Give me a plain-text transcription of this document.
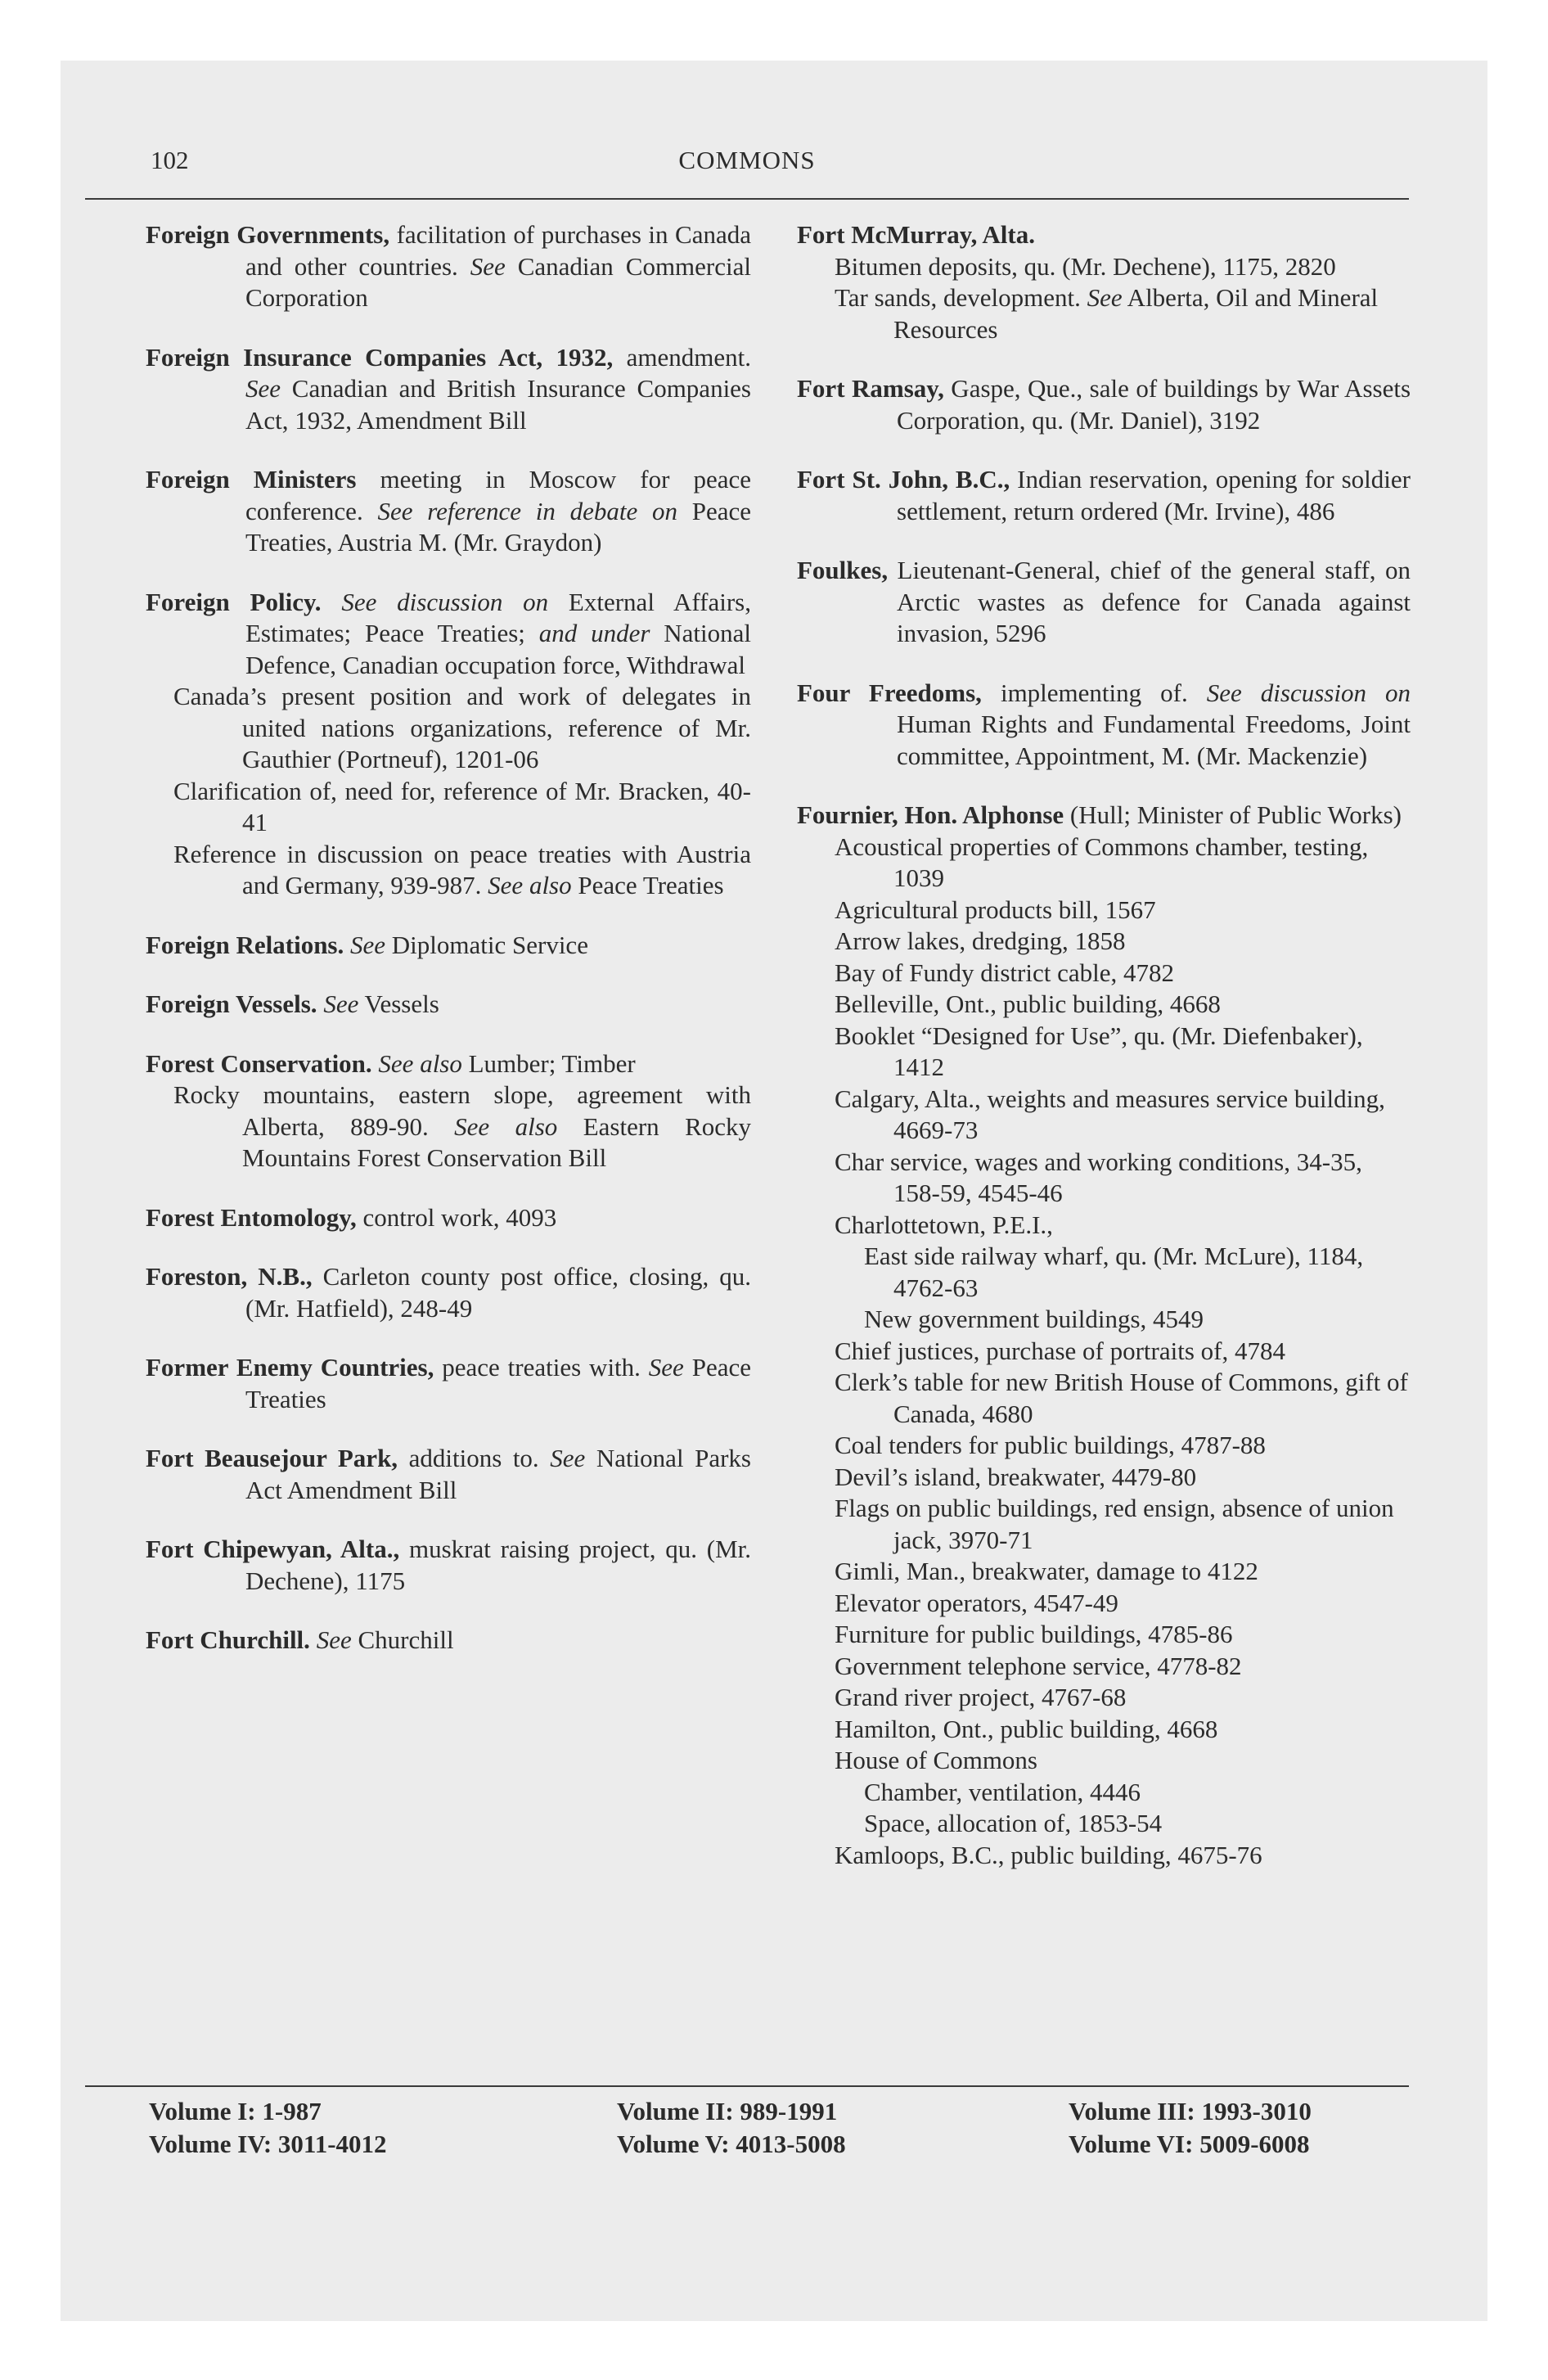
102	COMMONS
Foreign Governments, facilitation of purchases in Canada and other countries. See Canadian Commercial Corporation
Foreign Insurance Companies Act, 1932, amendment. See Canadian and British Insurance Companies Act, 1932, Amendment Bill
Foreign Ministers meeting in Moscow for peace conference. See reference in debate on Peace Treaties, Austria M. (Mr. Graydon)
Foreign Policy. See discussion on External Affairs, Estimates; Peace Treaties; and under National Defence, Canadian occupation force, Withdrawal
Canada’s present position and work of delegates in united nations organizations, reference of Mr. Gauthier (Portneuf), 1201-06
Clarification of, need for, reference of Mr. Bracken, 40-41
Reference in discussion on peace treaties with Austria and Germany, 939-987. See also Peace Treaties
Foreign Relations. See Diplomatic Service
Foreign Vessels. See Vessels
Forest Conservation. See also Lumber; Timber
Rocky mountains, eastern slope, agreement with Alberta, 889-90. See also Eastern Rocky Mountains Forest Conservation Bill
Forest Entomology, control work, 4093
Foreston, N.B., Carleton county post office, closing, qu. (Mr. Hatfield), 248-49
Former Enemy Countries, peace treaties with. See Peace Treaties
Fort Beausejour Park, additions to. See National Parks Act Amendment Bill
Fort Chipewyan, Alta., muskrat raising project, qu. (Mr. Dechene), 1175
Fort Churchill. See Churchill
Fort McMurray, Alta.
Bitumen deposits, qu. (Mr. Dechene), 1175, 2820
Tar sands, development. See Alberta, Oil and Mineral Resources
Fort Ramsay, Gaspe, Que., sale of buildings by War Assets Corporation, qu. (Mr. Daniel), 3192
Fort St. John, B.C., Indian reservation, opening for soldier settlement, return ordered (Mr. Irvine), 486
Foulkes, Lieutenant-General, chief of the general staff, on Arctic wastes as defence for Canada against invasion, 5296
Four Freedoms, implementing of. See discussion on Human Rights and Fundamental Freedoms, Joint committee, Appointment, M. (Mr. Mackenzie)
Fournier, Hon. Alphonse (Hull; Minister of Public Works)
Acoustical properties of Commons chamber, testing, 1039
Agricultural products bill, 1567
Arrow lakes, dredging, 1858
Bay of Fundy district cable, 4782
Belleville, Ont., public building, 4668
Booklet “Designed for Use”, qu. (Mr. Diefenbaker), 1412
Calgary, Alta., weights and measures service building, 4669-73
Char service, wages and working conditions, 34-35, 158-59, 4545-46
Charlottetown, P.E.I.,
East side railway wharf, qu. (Mr. McLure), 1184, 4762-63
New government buildings, 4549
Chief justices, purchase of portraits of, 4784
Clerk’s table for new British House of Commons, gift of Canada, 4680
Coal tenders for public buildings, 4787-88
Devil’s island, breakwater, 4479-80
Flags on public buildings, red ensign, absence of union jack, 3970-71
Gimli, Man., breakwater, damage to 4122
Elevator operators, 4547-49
Furniture for public buildings, 4785-86
Government telephone service, 4778-82
Grand river project, 4767-68
Hamilton, Ont., public building, 4668
House of Commons
Chamber, ventilation, 4446
Space, allocation of, 1853-54
Kamloops, B.C., public building, 4675-76
Volume I: 1-987	Volume II: 989-1991	Volume III: 1993-3010
Volume IV: 3011-4012	Volume V: 4013-5008	Volume VI: 5009-6008
